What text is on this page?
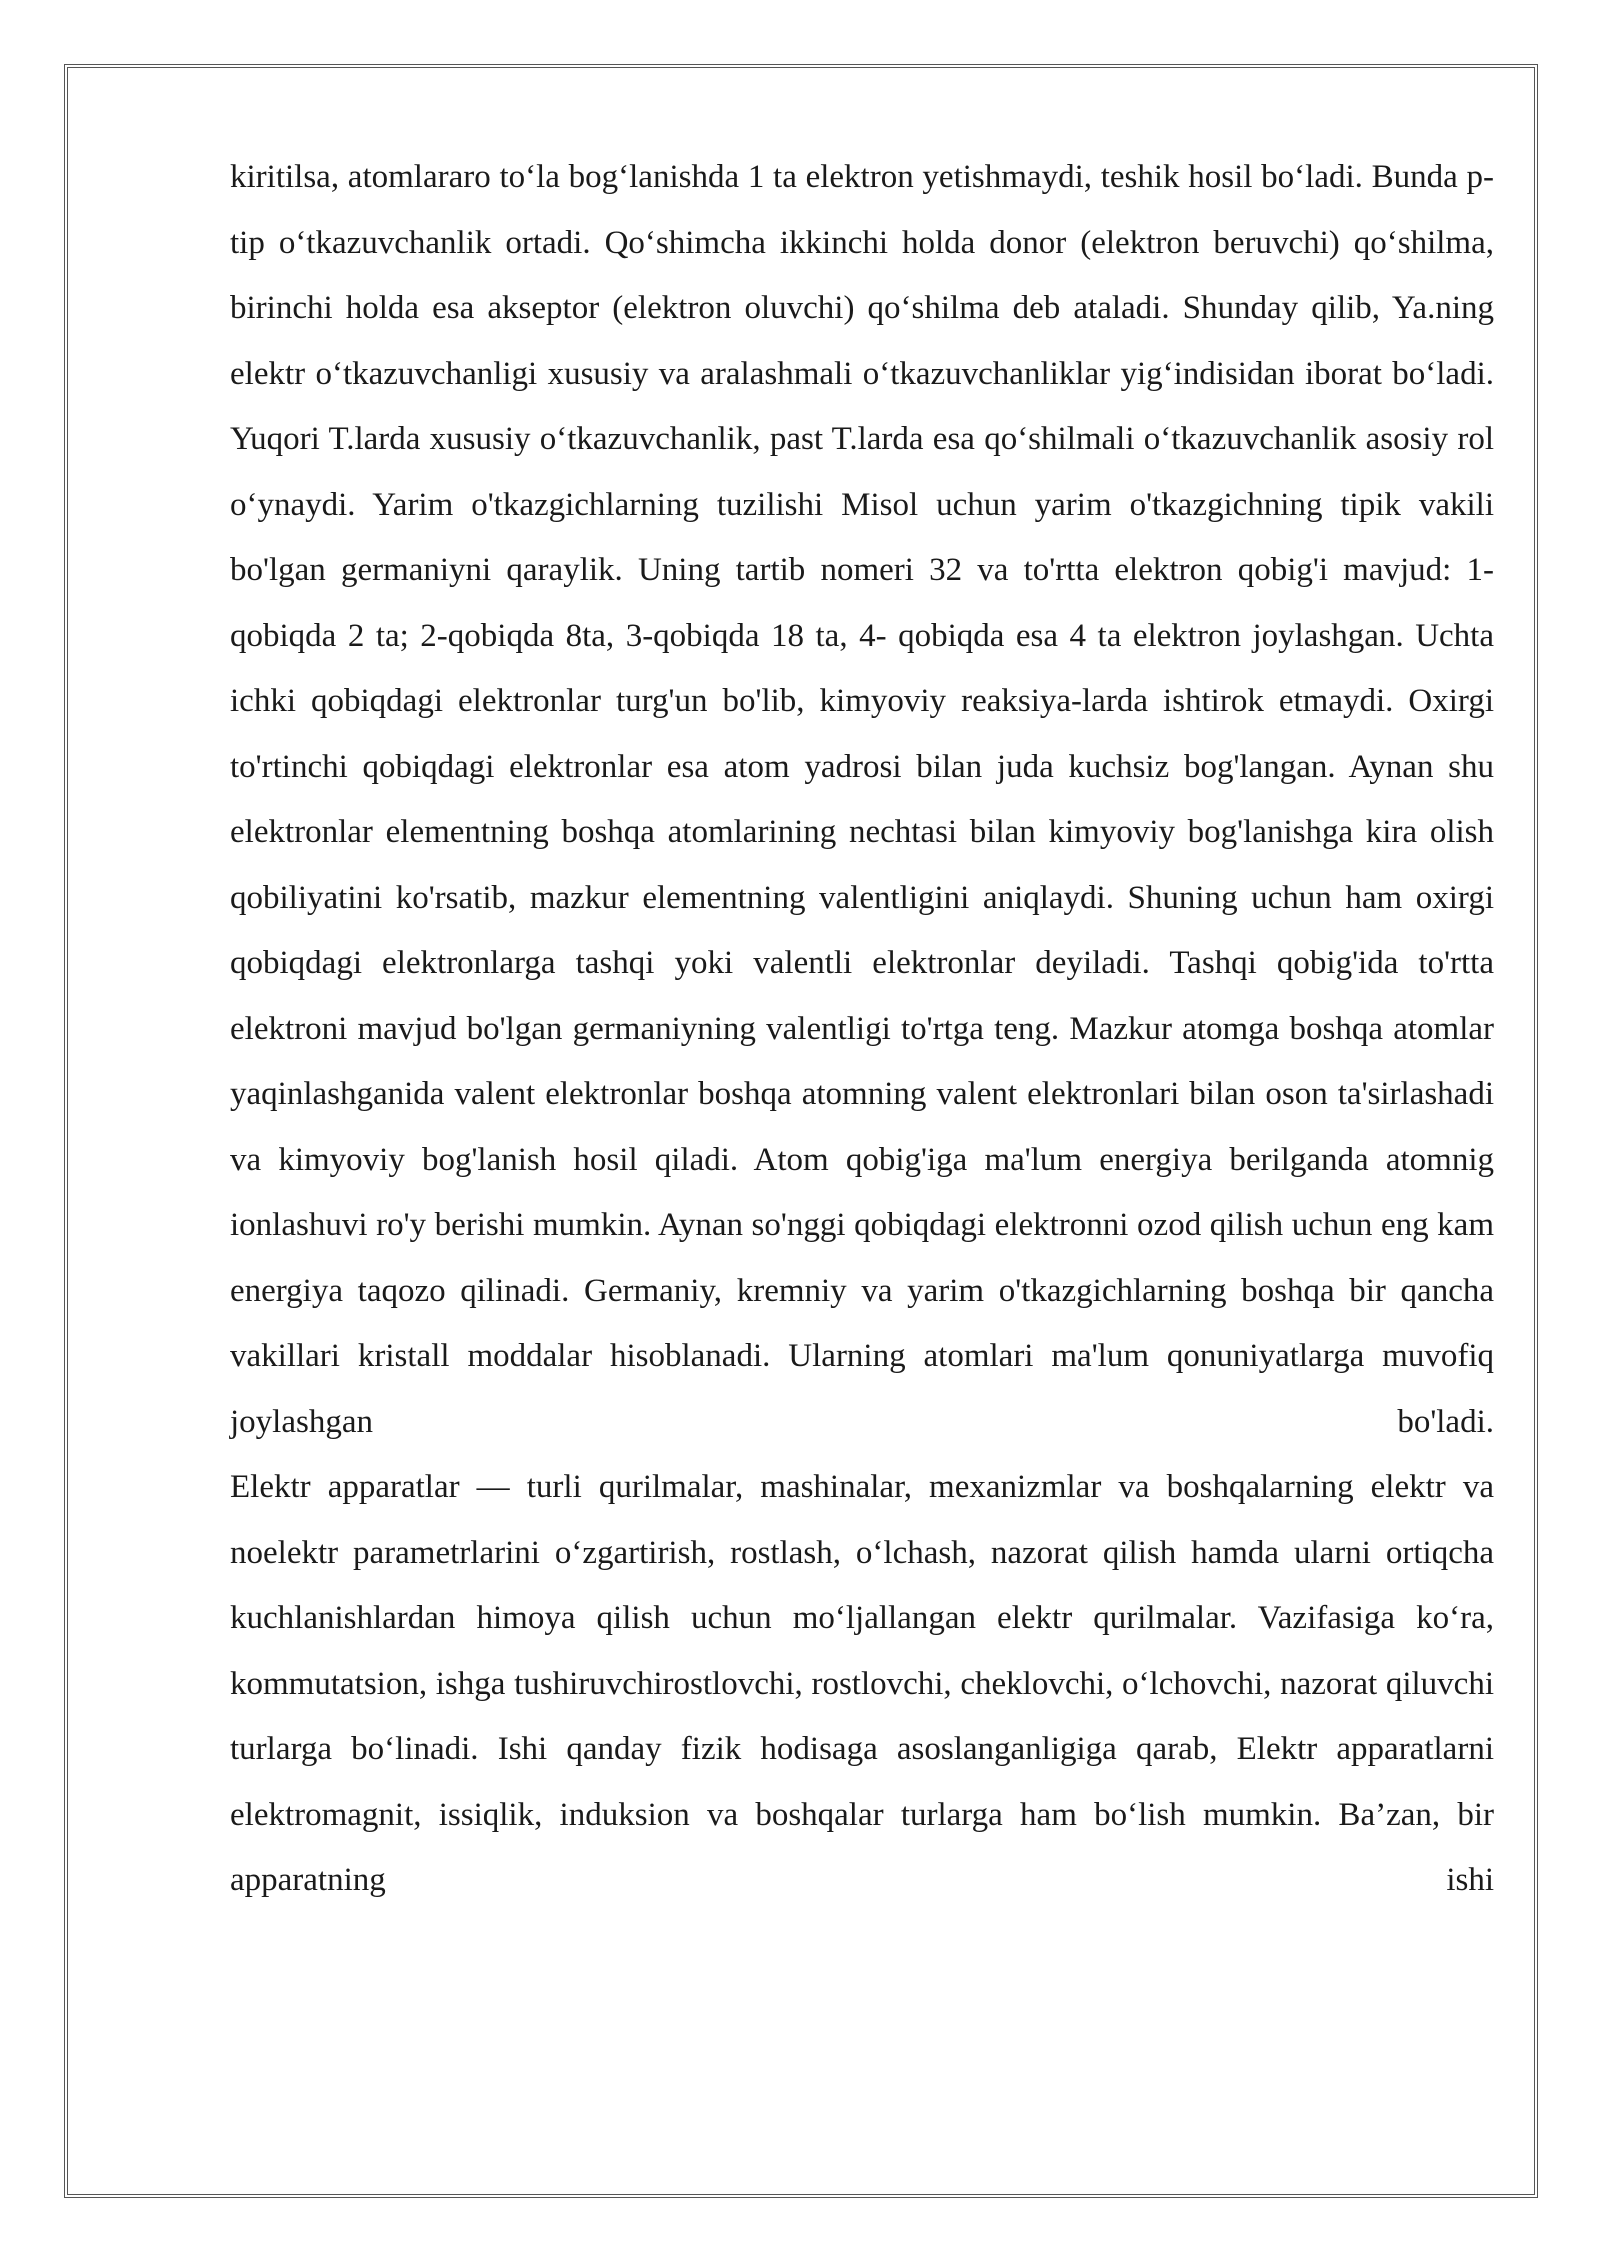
kiritilsa, atomlararo to‘la bog‘lanishda 1 ta elektron yetishmaydi, teshik hosil bo‘ladi. Bunda p-tip o‘tkazuvchanlik ortadi. Qo‘shimcha ikkinchi holda donor (elektron beruvchi) qo‘shilma, birinchi holda esa akseptor (elektron oluvchi) qo‘shilma deb ataladi. Shunday qilib, Ya.ning elektr o‘tkazuvchanligi xususiy va aralashmali o‘tkazuvchanliklar yig‘indisidan iborat bo‘ladi. Yuqori T.larda xususiy o‘tkazuvchanlik, past T.larda esa qo‘shilmali o‘tkazuvchanlik asosiy rol o‘ynaydi. Yarim o'tkazgichlarning tuzilishi Misol uchun yarim o'tkazgichning tipik vakili bo'lgan germaniyni qaraylik. Uning tartib nomeri 32 va to'rtta elektron qobig'i mavjud: 1-qobiqda 2 ta; 2-qobiqda 8ta, 3-qobiqda 18 ta, 4- qobiqda esa 4 ta elektron joylashgan. Uchta ichki qobiqdagi elektronlar turg'un bo'lib, kimyoviy reaksiya-larda ishtirok etmaydi. Oxirgi to'rtinchi qobiqdagi elektronlar esa atom yadrosi bilan juda kuchsiz bog'langan. Aynan shu elektronlar elementning boshqa atomlarining nechtasi bilan kimyoviy bog'lanishga kira olish qobiliyatini ko'rsatib, mazkur elementning valentligini aniqlaydi. Shuning uchun ham oxirgi qobiqdagi elektronlarga tashqi yoki valentli elektronlar deyiladi. Tashqi qobig'ida to'rtta elektroni mavjud bo'lgan germaniyning valentligi to'rtga teng. Mazkur atomga boshqa atomlar yaqinlashganida valent elektronlar boshqa atomning valent elektronlari bilan oson ta'sirlashadi va kimyoviy bog'lanish hosil qiladi. Atom qobig'iga ma'lum energiya berilganda atomnig ionlashuvi ro'y berishi mumkin. Aynan so'nggi qobiqdagi elektronni ozod qilish uchun eng kam energiya taqozo qilinadi. Germaniy, kremniy va yarim o'tkazgichlarning boshqa bir qancha vakillari kristall moddalar hisoblanadi. Ularning atomlari ma'lum qonuniyatlarga muvofiq joylashgan bo'ladi.

Elektr apparatlar — turli qurilmalar, mashinalar, mexanizmlar va boshqalarning elektr va noelektr parametrlarini o‘zgartirish, rostlash, o‘lchash, nazorat qilish hamda ularni ortiqcha kuchlanishlardan himoya qilish uchun mo‘ljallangan elektr qurilmalar. Vazifasiga ko‘ra, kommutatsion, ishga tushiruvchirostlovchi, rostlovchi, cheklovchi, o‘lchovchi, nazorat qiluvchi turlarga bo‘linadi. Ishi qanday fizik hodisaga asoslanganligiga qarab, Elektr apparatlarni elektromagnit, issiqlik, induksion va boshqalar turlarga ham bo‘lish mumkin. Ba’zan, bir apparatning ishi
